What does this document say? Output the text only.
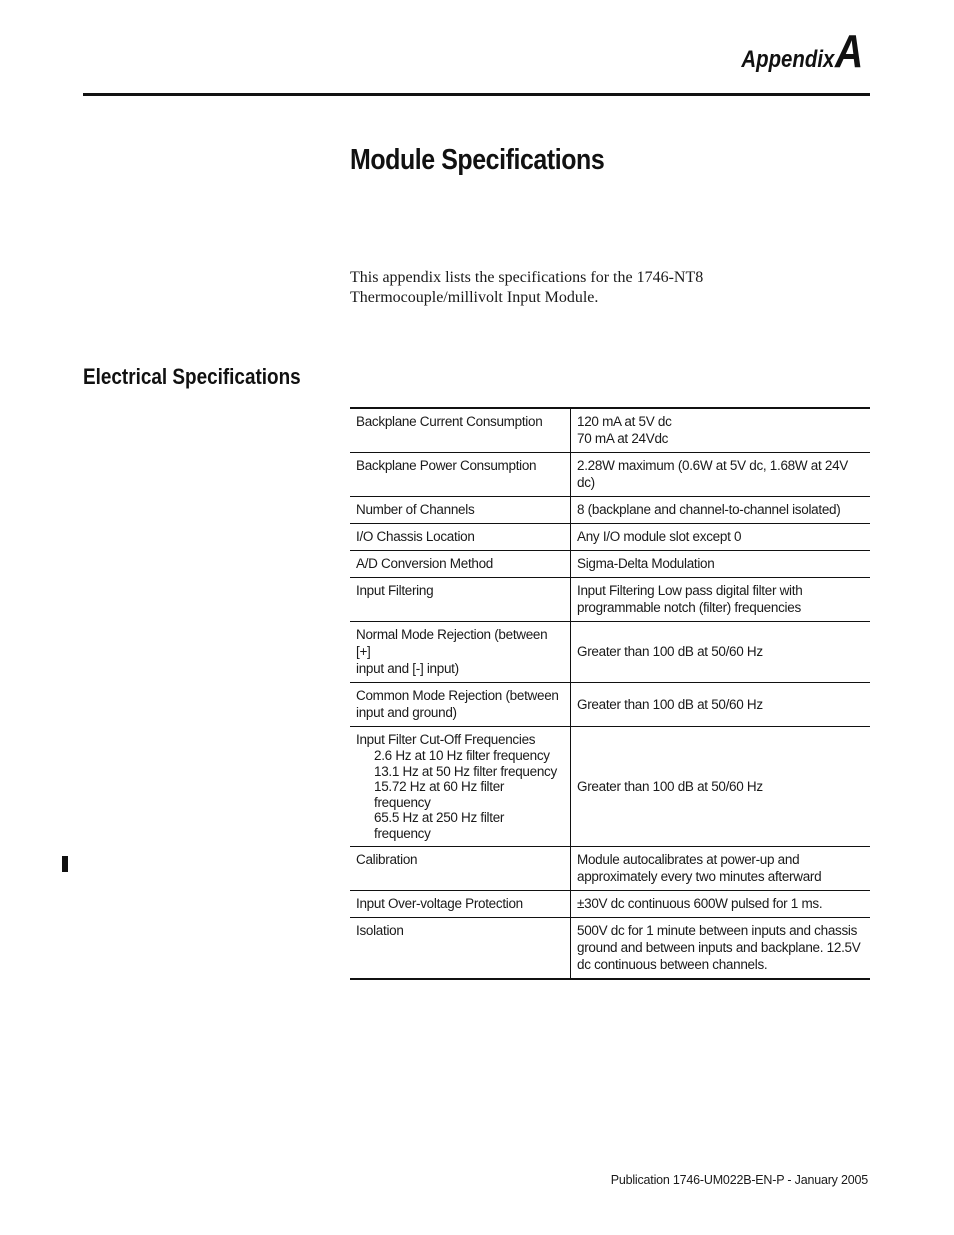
Appendix A
Module Specifications

This appendix lists the specifications for the 1746-NT8 Thermocouple/millivolt Input Module.

Electrical Specifications
Backplane Current Consumption	120 mA at 5V dc
70 mA at 24Vdc

Backplane Power Consumption	2.28W maximum (0.6W at 5V dc, 1.68W at 24V dc)

Number of Channels	8 (backplane and channel-to-channel isolated)

I/O Chassis Location	Any I/O module slot except 0

A/D Conversion Method	Sigma-Delta Modulation

Input Filtering	Input Filtering Low pass digital filter with
programmable notch (filter) frequencies

Normal Mode Rejection (between [+]
input and [-] input)	Greater than 100 dB at 50/60 Hz

Common Mode Rejection (between
input and ground)	Greater than 100 dB at 50/60 Hz

Input Filter Cut-Off Frequencies
2.6 Hz at 10 Hz filter frequency
13.1 Hz at 50 Hz filter frequency
15.72 Hz at 60 Hz filter frequency
65.5 Hz at 250 Hz filter frequency	Greater than 100 dB at 50/60 Hz

Calibration	Module autocalibrates at power-up and
approximately every two minutes afterward

Input Over-voltage Protection	±30V dc continuous 600W pulsed for 1 ms.

Isolation	500V dc for 1 minute between inputs and chassis
ground and between inputs and backplane. 12.5V
dc continuous between channels.
Publication 1746-UM022B-EN-P - January 2005
